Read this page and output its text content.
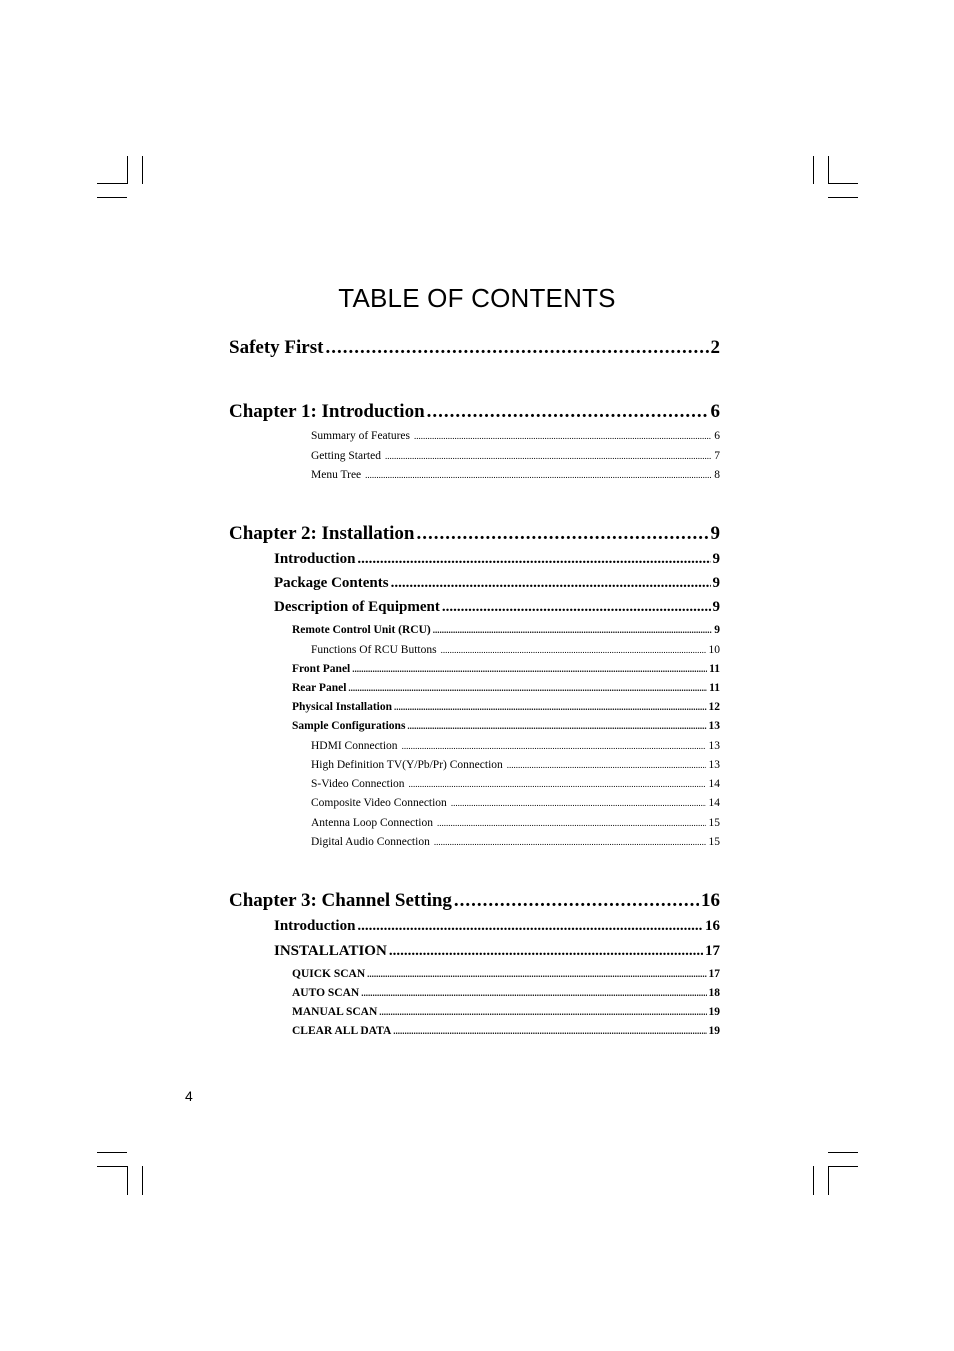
TABLE OF CONTENTS
Safety First .....	2
Chapter 1: Introduction .....	6
Summary of Features .....	6
Getting Started .....	7
Menu Tree .....	8
Chapter 2: Installation .....	9
Introduction .....	9
Package Contents .....	9
Description of Equipment .....	9
Remote Control Unit (RCU) .....	9
Functions Of RCU Buttons .....	10
Front Panel .....	11
Rear Panel .....	11
Physical Installation .....	12
Sample Configurations .....	13
HDMI Connection .....	13
High Definition TV(Y/Pb/Pr) Connection .....	13
S-Video Connection .....	14
Composite Video Connection .....	14
Antenna Loop Connection .....	15
Digital Audio Connection .....	15
Chapter 3: Channel Setting .....	16
Introduction .....	16
INSTALLATION .....	17
QUICK SCAN .....	17
AUTO SCAN .....	18
MANUAL SCAN .....	19
CLEAR ALL DATA .....	19
4
